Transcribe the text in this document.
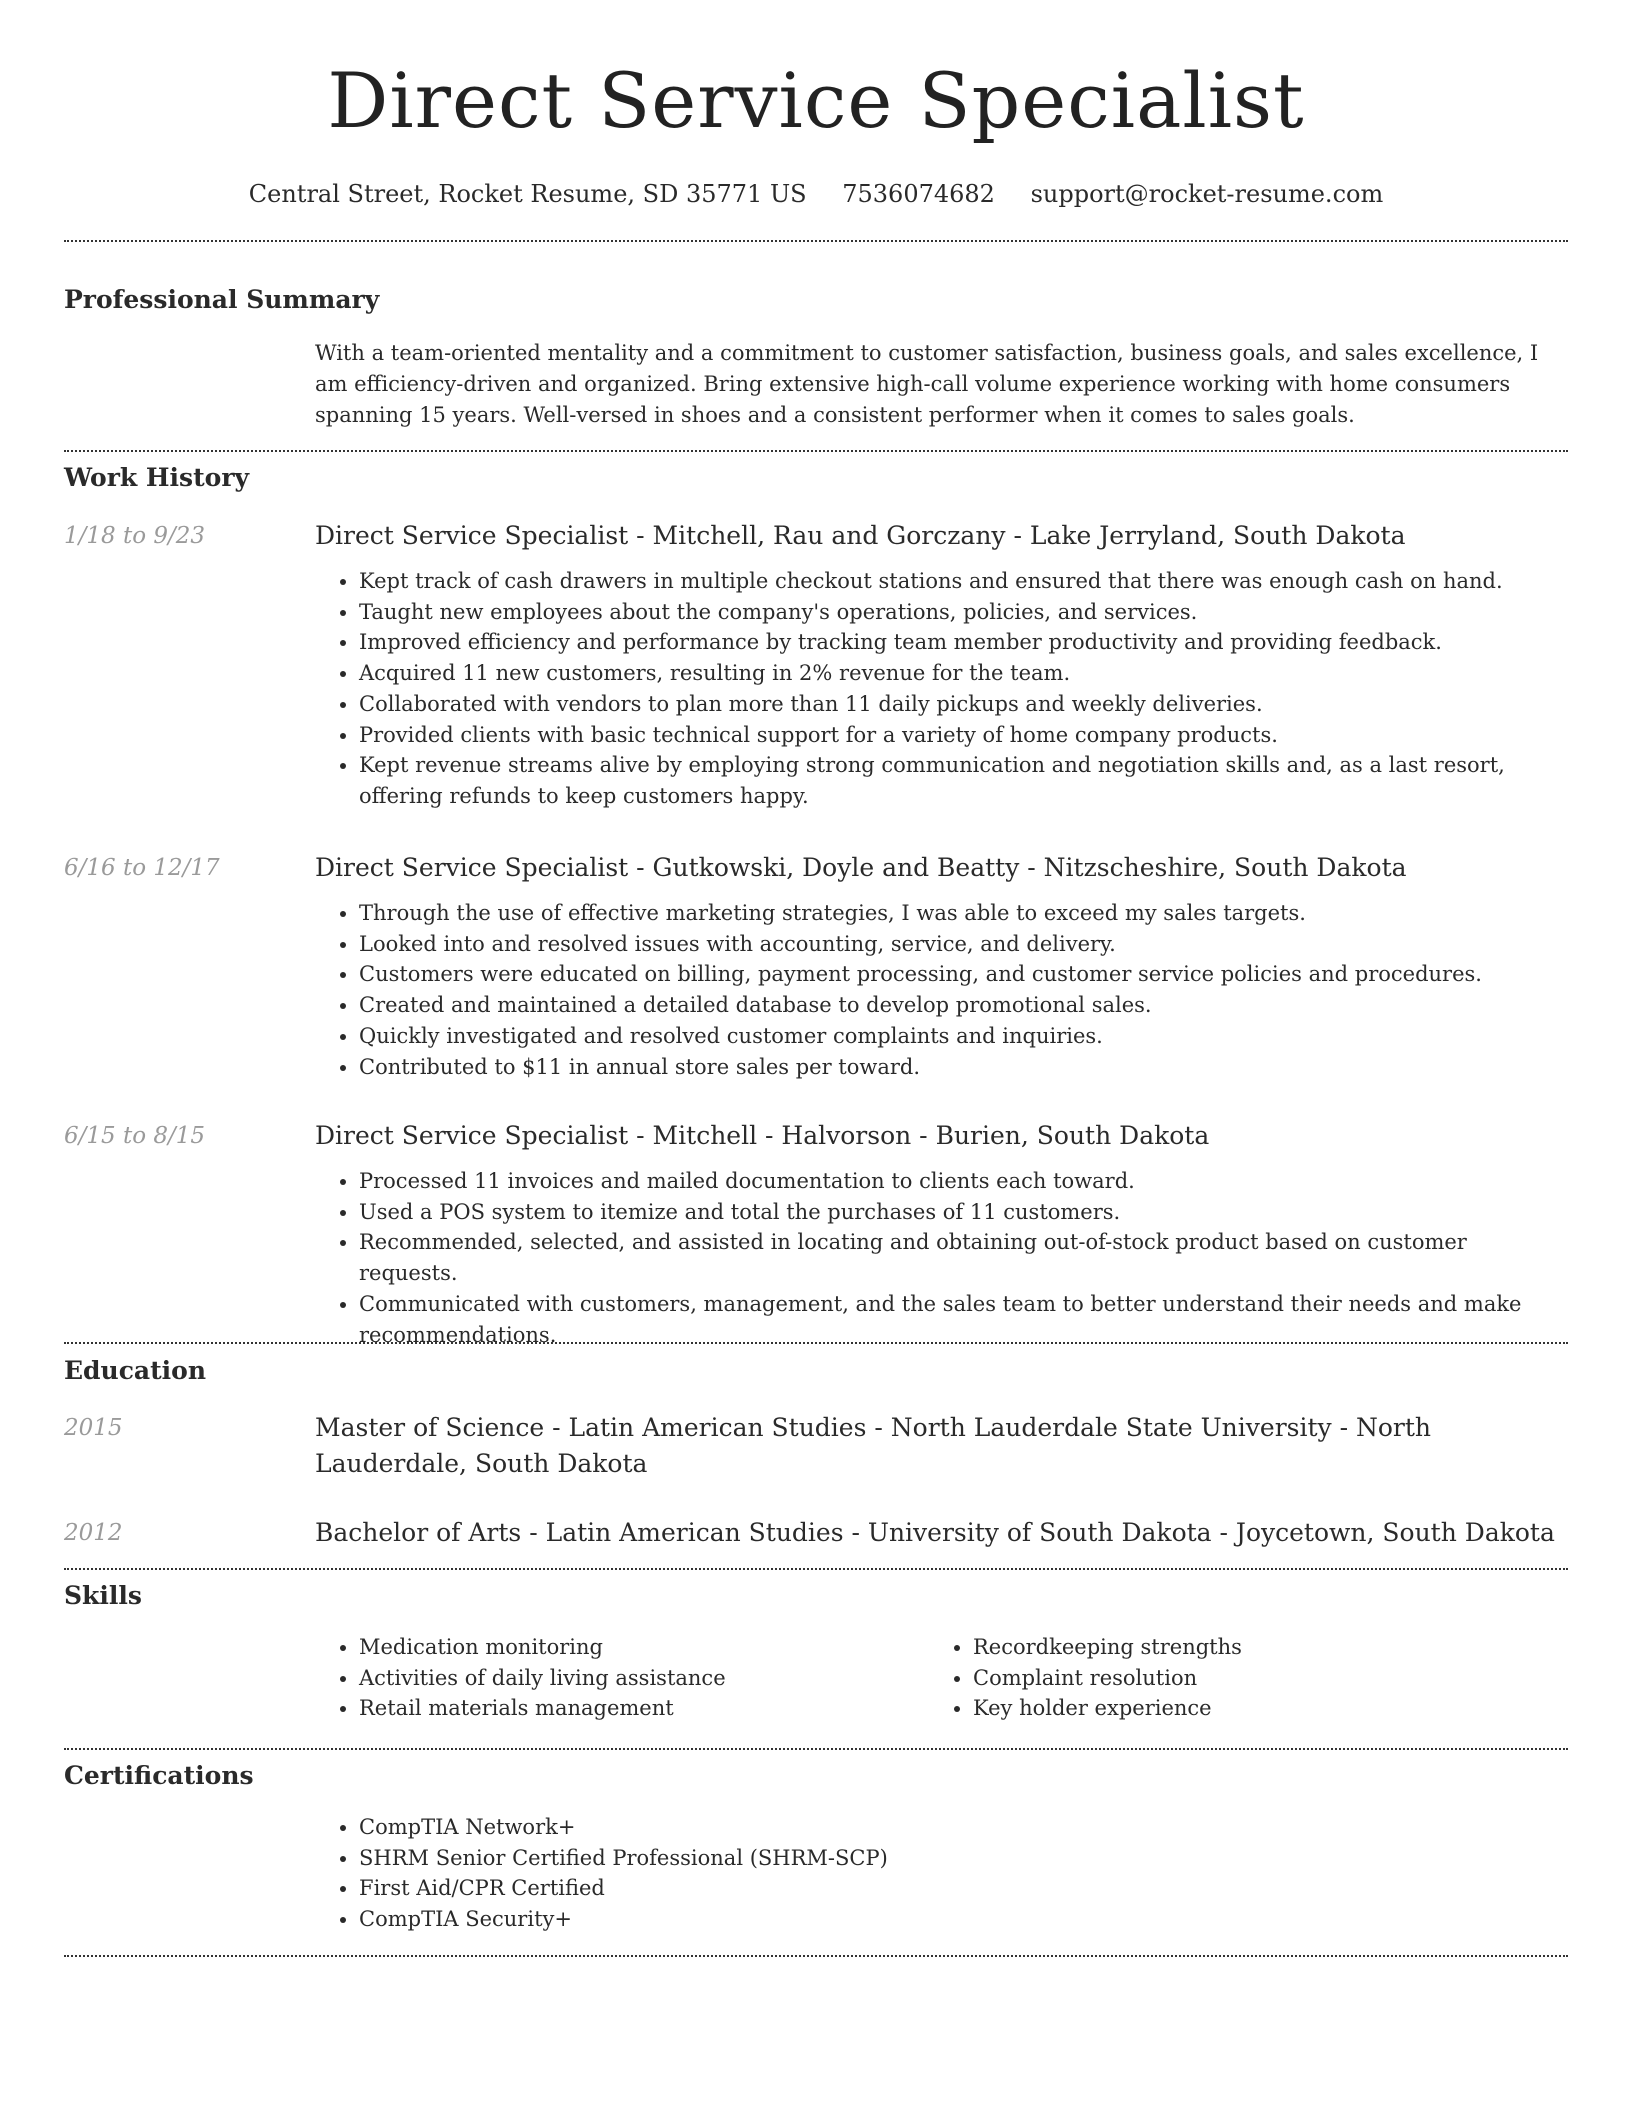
Direct Service Specialist
Central Street, Rocket Resume, SD 35771 US 7536074682 support@rocket-resume.com
Professional Summary
With a team-oriented mentality and a commitment to customer satisfaction, business goals, and sales excellence, I am efficiency-driven and organized. Bring extensive high-call volume experience working with home consumers spanning 15 years. Well-versed in shoes and a consistent performer when it comes to sales goals.
Work History
1/18 to 9/23	Direct Service Specialist - Mitchell, Rau and Gorczany - Lake Jerryland, South Dakota
• Kept track of cash drawers in multiple checkout stations and ensured that there was enough cash on hand.
• Taught new employees about the company's operations, policies, and services.
• Improved efficiency and performance by tracking team member productivity and providing feedback.
• Acquired 11 new customers, resulting in 2% revenue for the team.
• Collaborated with vendors to plan more than 11 daily pickups and weekly deliveries.
• Provided clients with basic technical support for a variety of home company products.
• Kept revenue streams alive by employing strong communication and negotiation skills and, as a last resort, offering refunds to keep customers happy.
6/16 to 12/17	Direct Service Specialist - Gutkowski, Doyle and Beatty - Nitzscheshire, South Dakota
• Through the use of effective marketing strategies, I was able to exceed my sales targets.
• Looked into and resolved issues with accounting, service, and delivery.
• Customers were educated on billing, payment processing, and customer service policies and procedures.
• Created and maintained a detailed database to develop promotional sales.
• Quickly investigated and resolved customer complaints and inquiries.
• Contributed to $11 in annual store sales per toward.
6/15 to 8/15	Direct Service Specialist - Mitchell - Halvorson - Burien, South Dakota
• Processed 11 invoices and mailed documentation to clients each toward.
• Used a POS system to itemize and total the purchases of 11 customers.
• Recommended, selected, and assisted in locating and obtaining out-of-stock product based on customer requests.
• Communicated with customers, management, and the sales team to better understand their needs and make recommendations.
Education
2015	Master of Science - Latin American Studies - North Lauderdale State University - North Lauderdale, South Dakota
2012	Bachelor of Arts - Latin American Studies - University of South Dakota - Joycetown, South Dakota
Skills
• Medication monitoring
• Activities of daily living assistance
• Retail materials management
• Recordkeeping strengths
• Complaint resolution
• Key holder experience
Certifications
• CompTIA Network+
• SHRM Senior Certified Professional (SHRM-SCP)
• First Aid/CPR Certified
• CompTIA Security+
